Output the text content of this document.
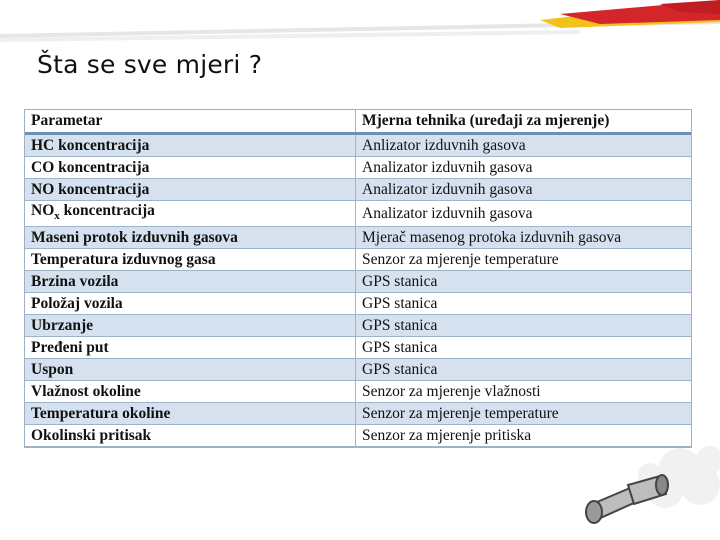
Šta se sve mjeri ?
Parametar	Mjerna tehnika (uređaji za mjerenje)
HC koncentracija	Anlizator izduvnih gasova
CO koncentracija	Analizator izduvnih gasova
NO koncentracija	Analizator izduvnih gasova
$NO_x$ koncentracija	Analizator izduvnih gasova
Maseni protok izduvnih gasova	Mjerač masenog protoka izduvnih gasova
Temperatura izduvnog gasa	Senzor za mjerenje temperature
Brzina vozila	GPS stanica
Položaj vozila	GPS stanica
Ubrzanje	GPS stanica
Pređeni put	GPS stanica
Uspon	GPS stanica
Vlažnost okoline	Senzor za mjerenje vlažnosti
Temperatura okoline	Senzor za mjerenje temperature
Okolinski pritisak	Senzor za mjerenje pritiska
